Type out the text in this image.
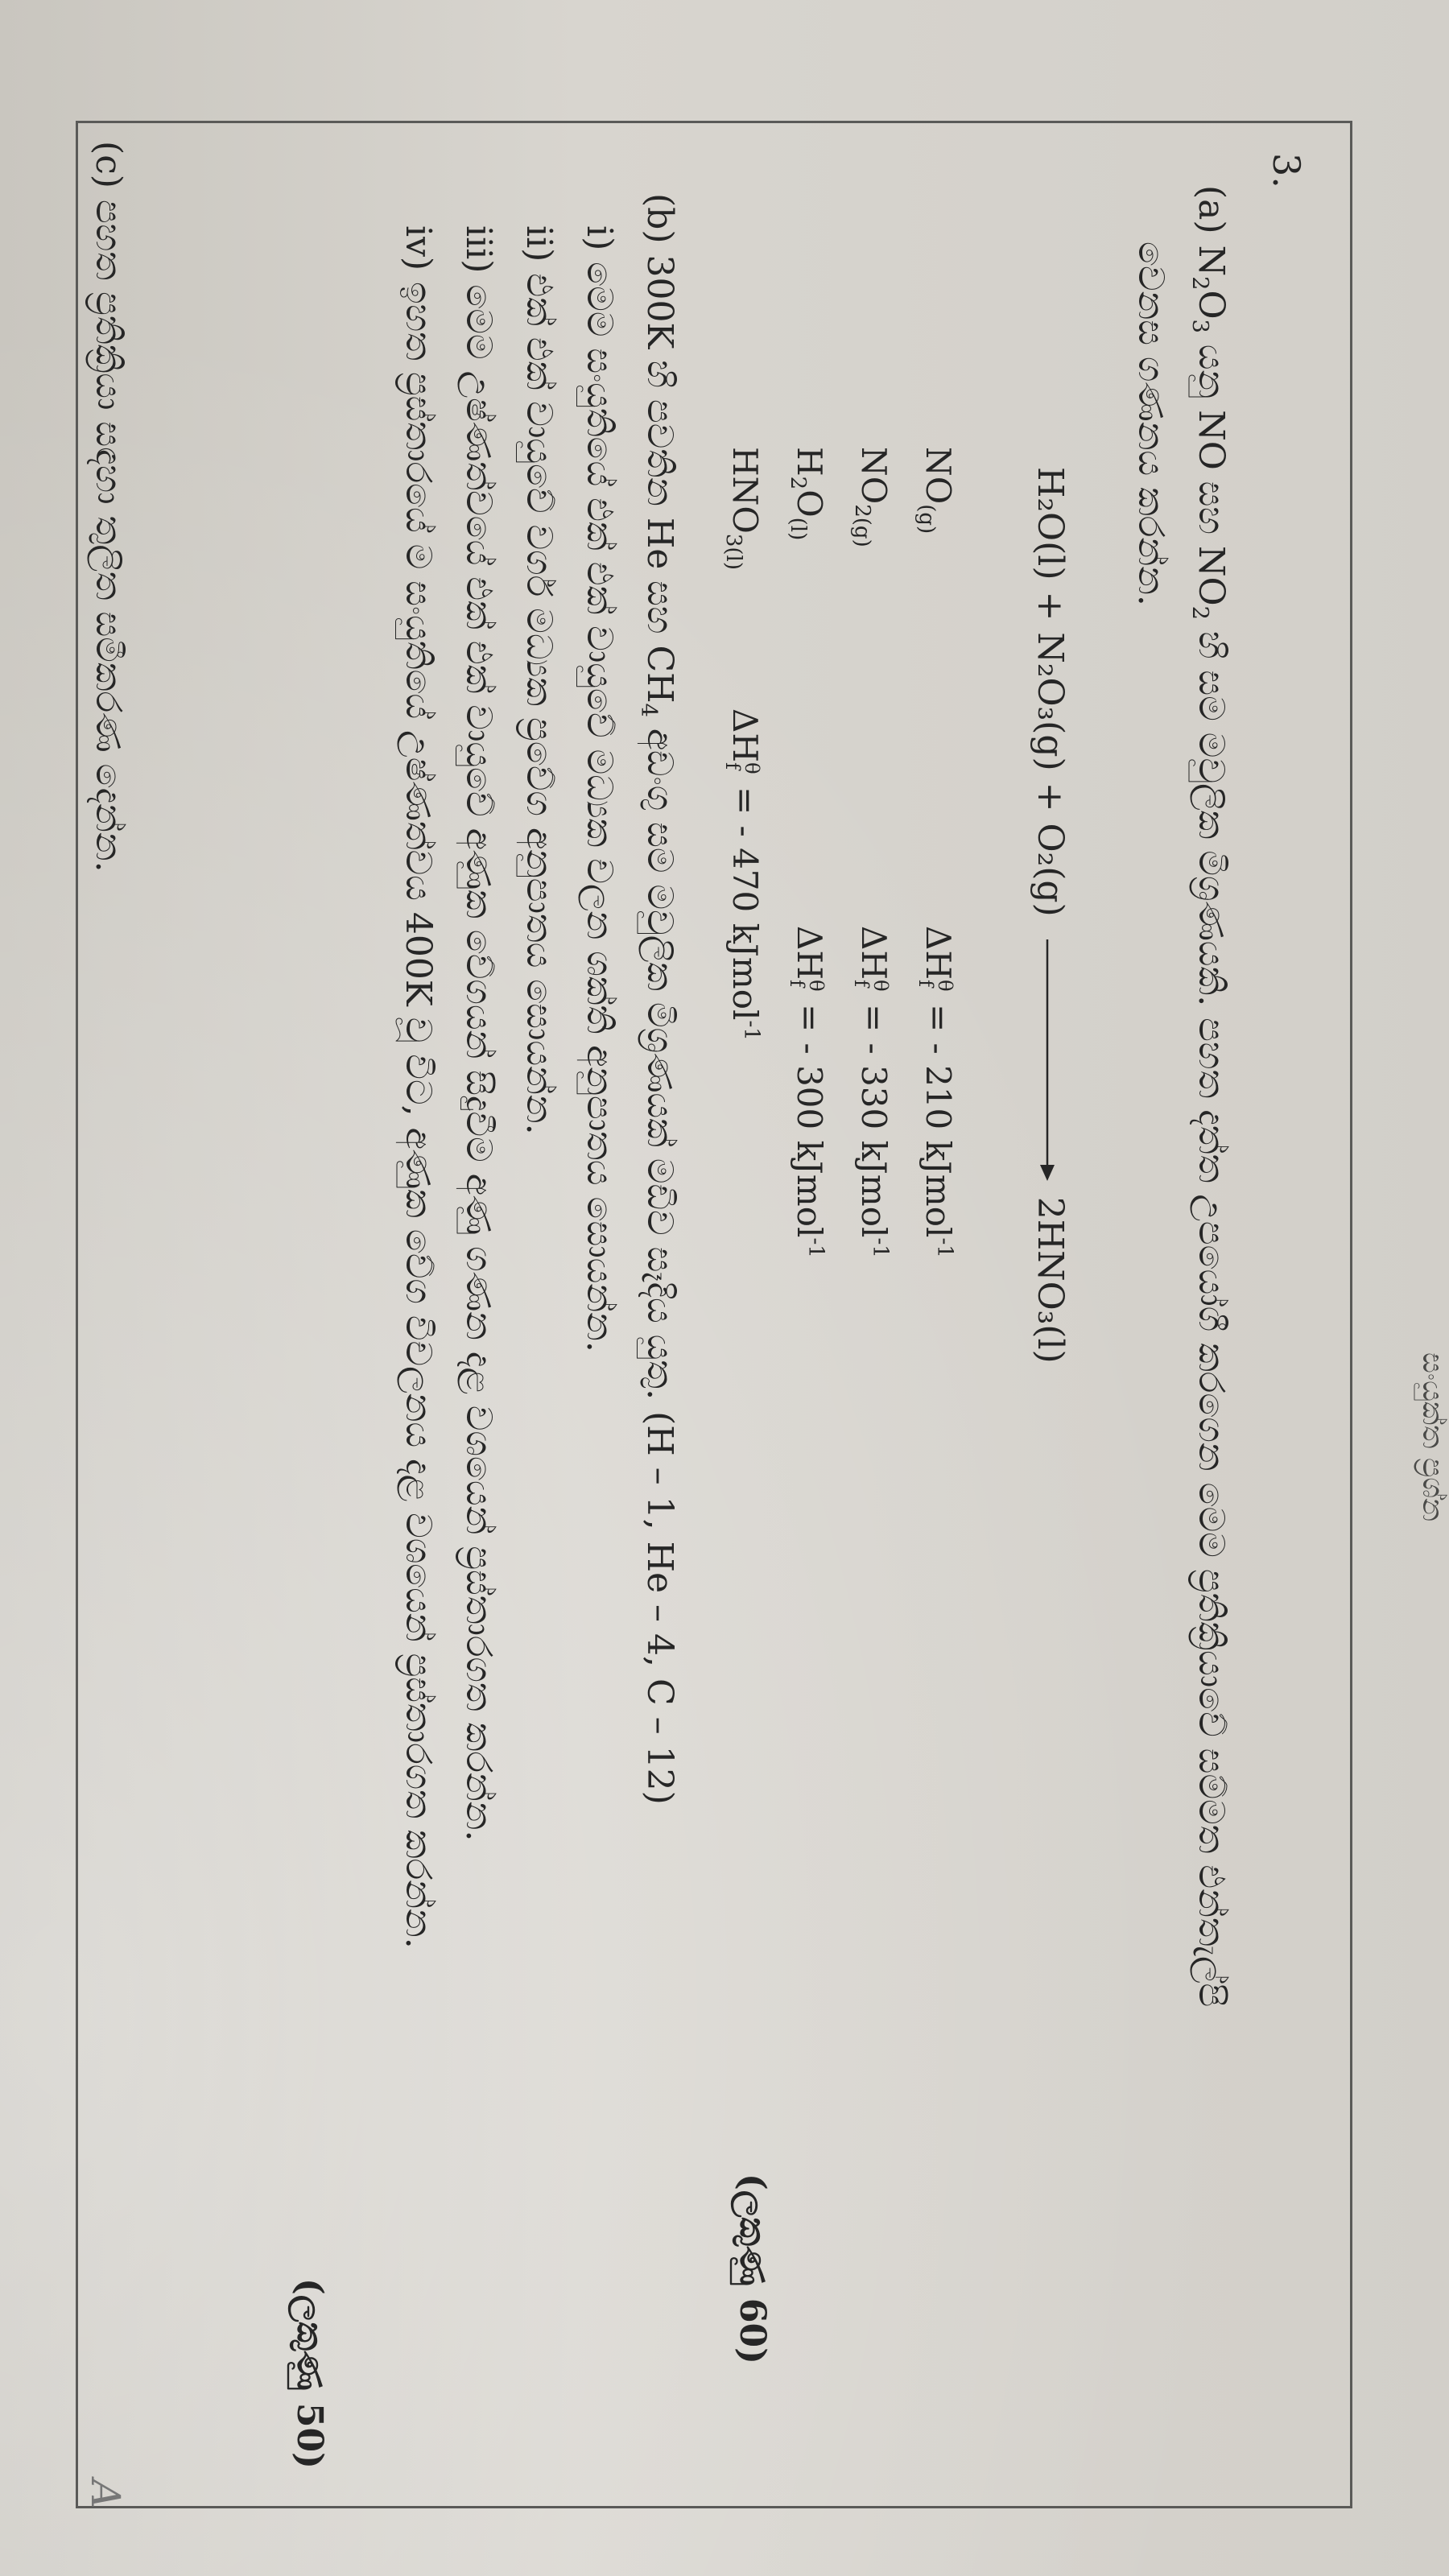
සංයුක්ත ප්‍රශ්න
3.
(a) $N_2O_3$ යනු NO සහ $NO_2$ හි සම මවුලික මිශ්‍රණයකි. පහත දත්ත උපයෝගී කරගෙන මෙම ප්‍රතික්‍රියාවේ සම්මත එන්තැල්පි
වෙනස ගණනය කරන්න.
H₂O(l) + N₂O₃(g) + O₂(g)  2HNO₃(l)
$NO_{(g)}$
ΔH
θ
f
= - 210 kJmol$^{-1}$
$NO_{2(g)}$
ΔH
θ
f
= - 330 kJmol$^{-1}$
$H_2O_{(l)}$
ΔH
θ
f
= - 300 kJmol$^{-1}$
$HNO_{3(l)}$
ΔH
θ
f
= - 470 kJmol$^{-1}$
(ලකුණු 60)
(b) 300K හි පවතින He සහ $CH_4$ අඩංගු සම මවුලික මිශ්‍රණයක් මඩිව සෑදිය යුතු. (H – 1, He – 4, C – 12)
i) මෙම සංයුතියේ එක් එක් වායුවේ මධ්‍යක චලන ශක්ති අනුපාතය සොයන්න.
ii) එක් එක් වායුවේ වර්ග මධ්‍යක ප්‍රවේග අනුපාතය සොයන්න.
iii) මෙම උෂ්ණත්වයේ එක් එක් වායුවේ අණුක වේගයන් සිදුවීම අණු ගණන දළ වශයෙන් ප්‍රස්තාරගත කරන්න.
iv) ඉහත ප්‍රස්තාරයේ ම සංයුතියේ උෂ්ණත්වය 400K වූ විට, අණුක වේග විචලනය දළ වශයෙන් ප්‍රස්තාරගත කරන්න.
(ලකුණු 50)
(c) පහත ප්‍රතික්‍රියා සඳහා තුලිත සමීකරණ දෙන්න.
A
